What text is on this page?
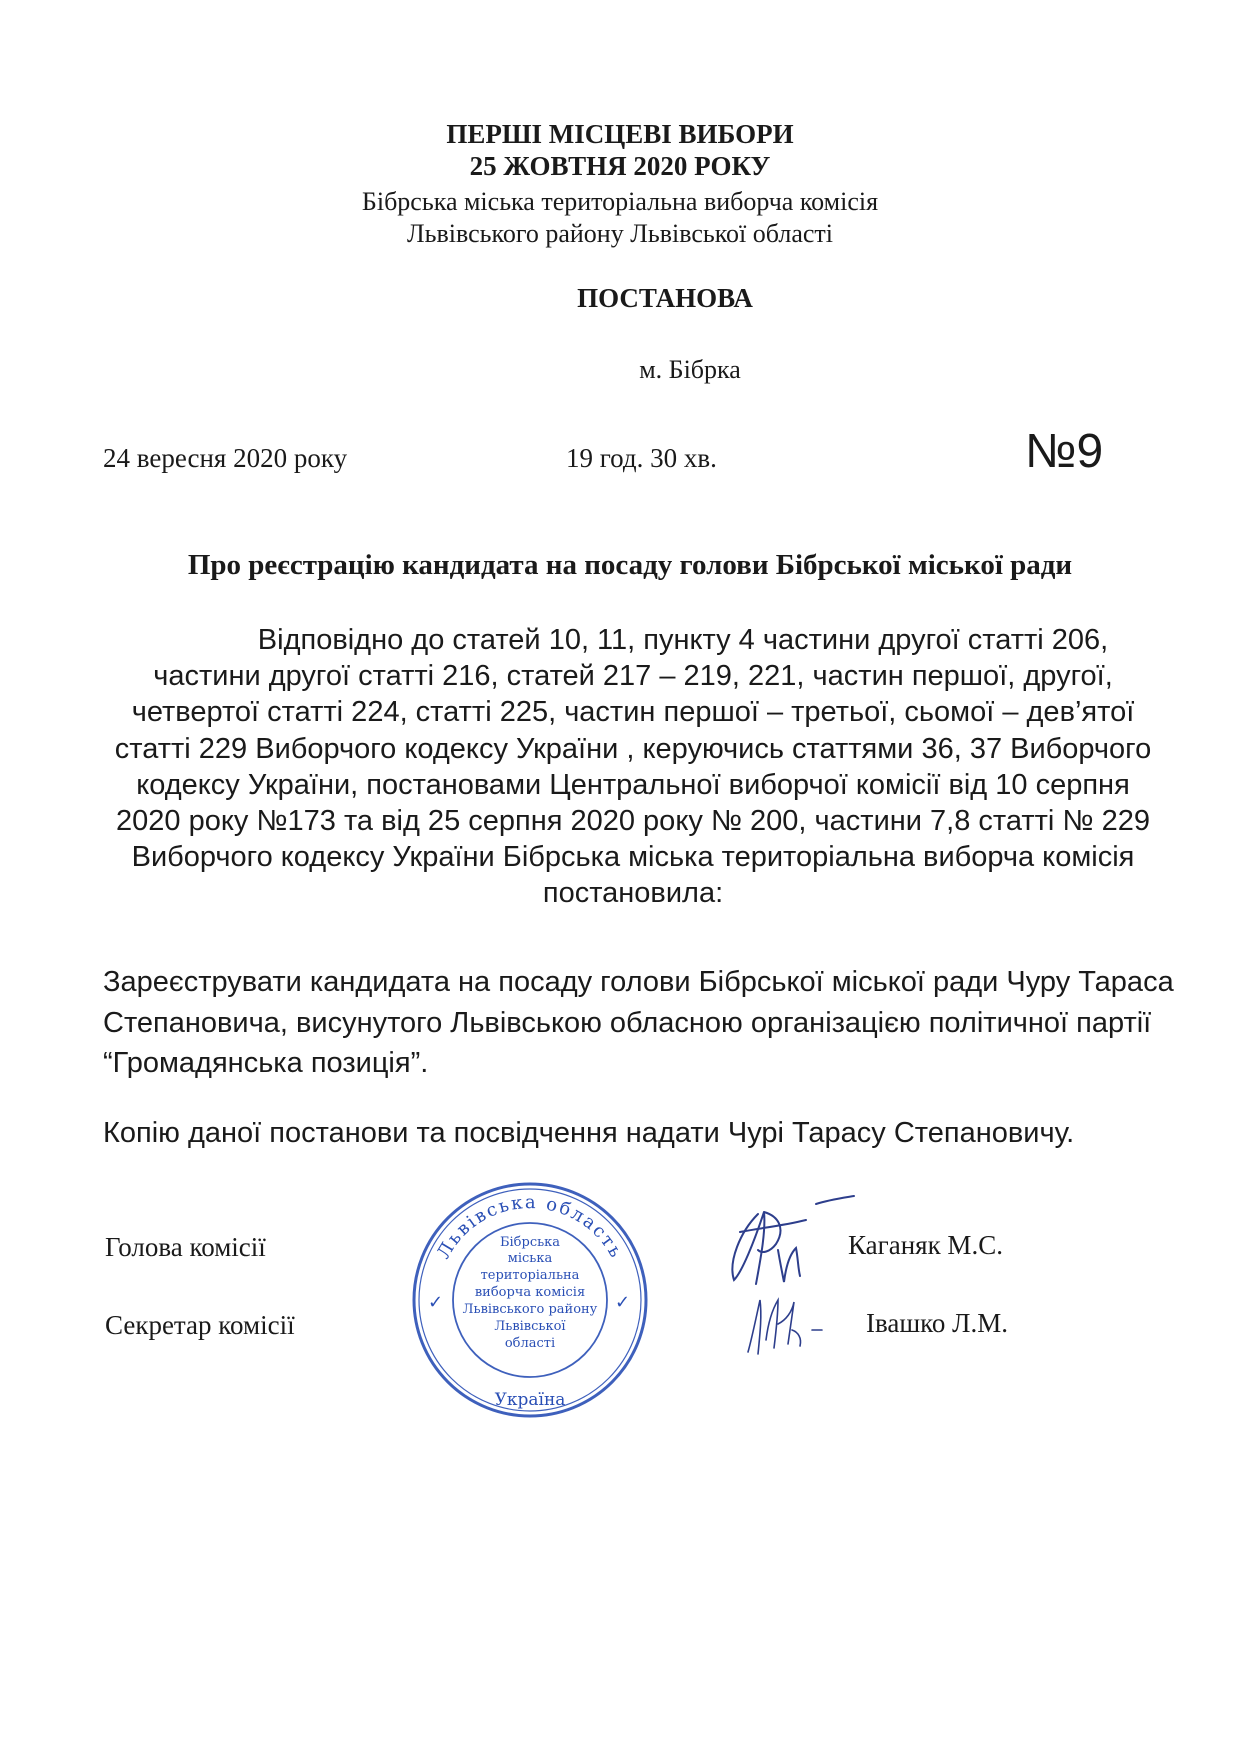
ПЕРШІ МІСЦЕВІ ВИБОРИ
25 ЖОВТНЯ 2020 РОКУ
Бібрська міська територіальна виборча комісія
Львівського району Львівської області
ПОСТАНОВА
м. Бібрка
24 вересня 2020 року	19 год. 30 хв.	№9
Про реєстрацію кандидата на посаду голови Бібрської міської ради
Відповідно до статей 10, 11, пункту 4 частини другої статті 206, частини другої статті 216, статей 217 – 219, 221, частин першої, другої, четвертої статті 224, статті 225, частин першої – третьої, сьомої – дев’ятої статті 229 Виборчого кодексу України , керуючись статтями 36, 37 Виборчого кодексу України, постановами Центральної виборчої комісії від 10 серпня 2020 року №173 та від 25 серпня 2020 року № 200, частини 7,8 статті № 229 Виборчого кодексу України Бібрська міська територіальна виборча комісія постановила:
Зареєструвати кандидата на посаду голови Бібрської міської ради Чуру Тараса Степановича, висунутого Львівською обласною організацією політичної партії “Громадянська позиція”.
Копію даної постанови та посвідчення надати Чурі Тарасу Степановичу.
Голова комісії
Секретар комісії
Каганяк М.С.
Івашко Л.М.
Львівська область
Україна
✓	✓
Бібрська
міська
територіальна
виборча комісія
Львівського району
Львівської
області
